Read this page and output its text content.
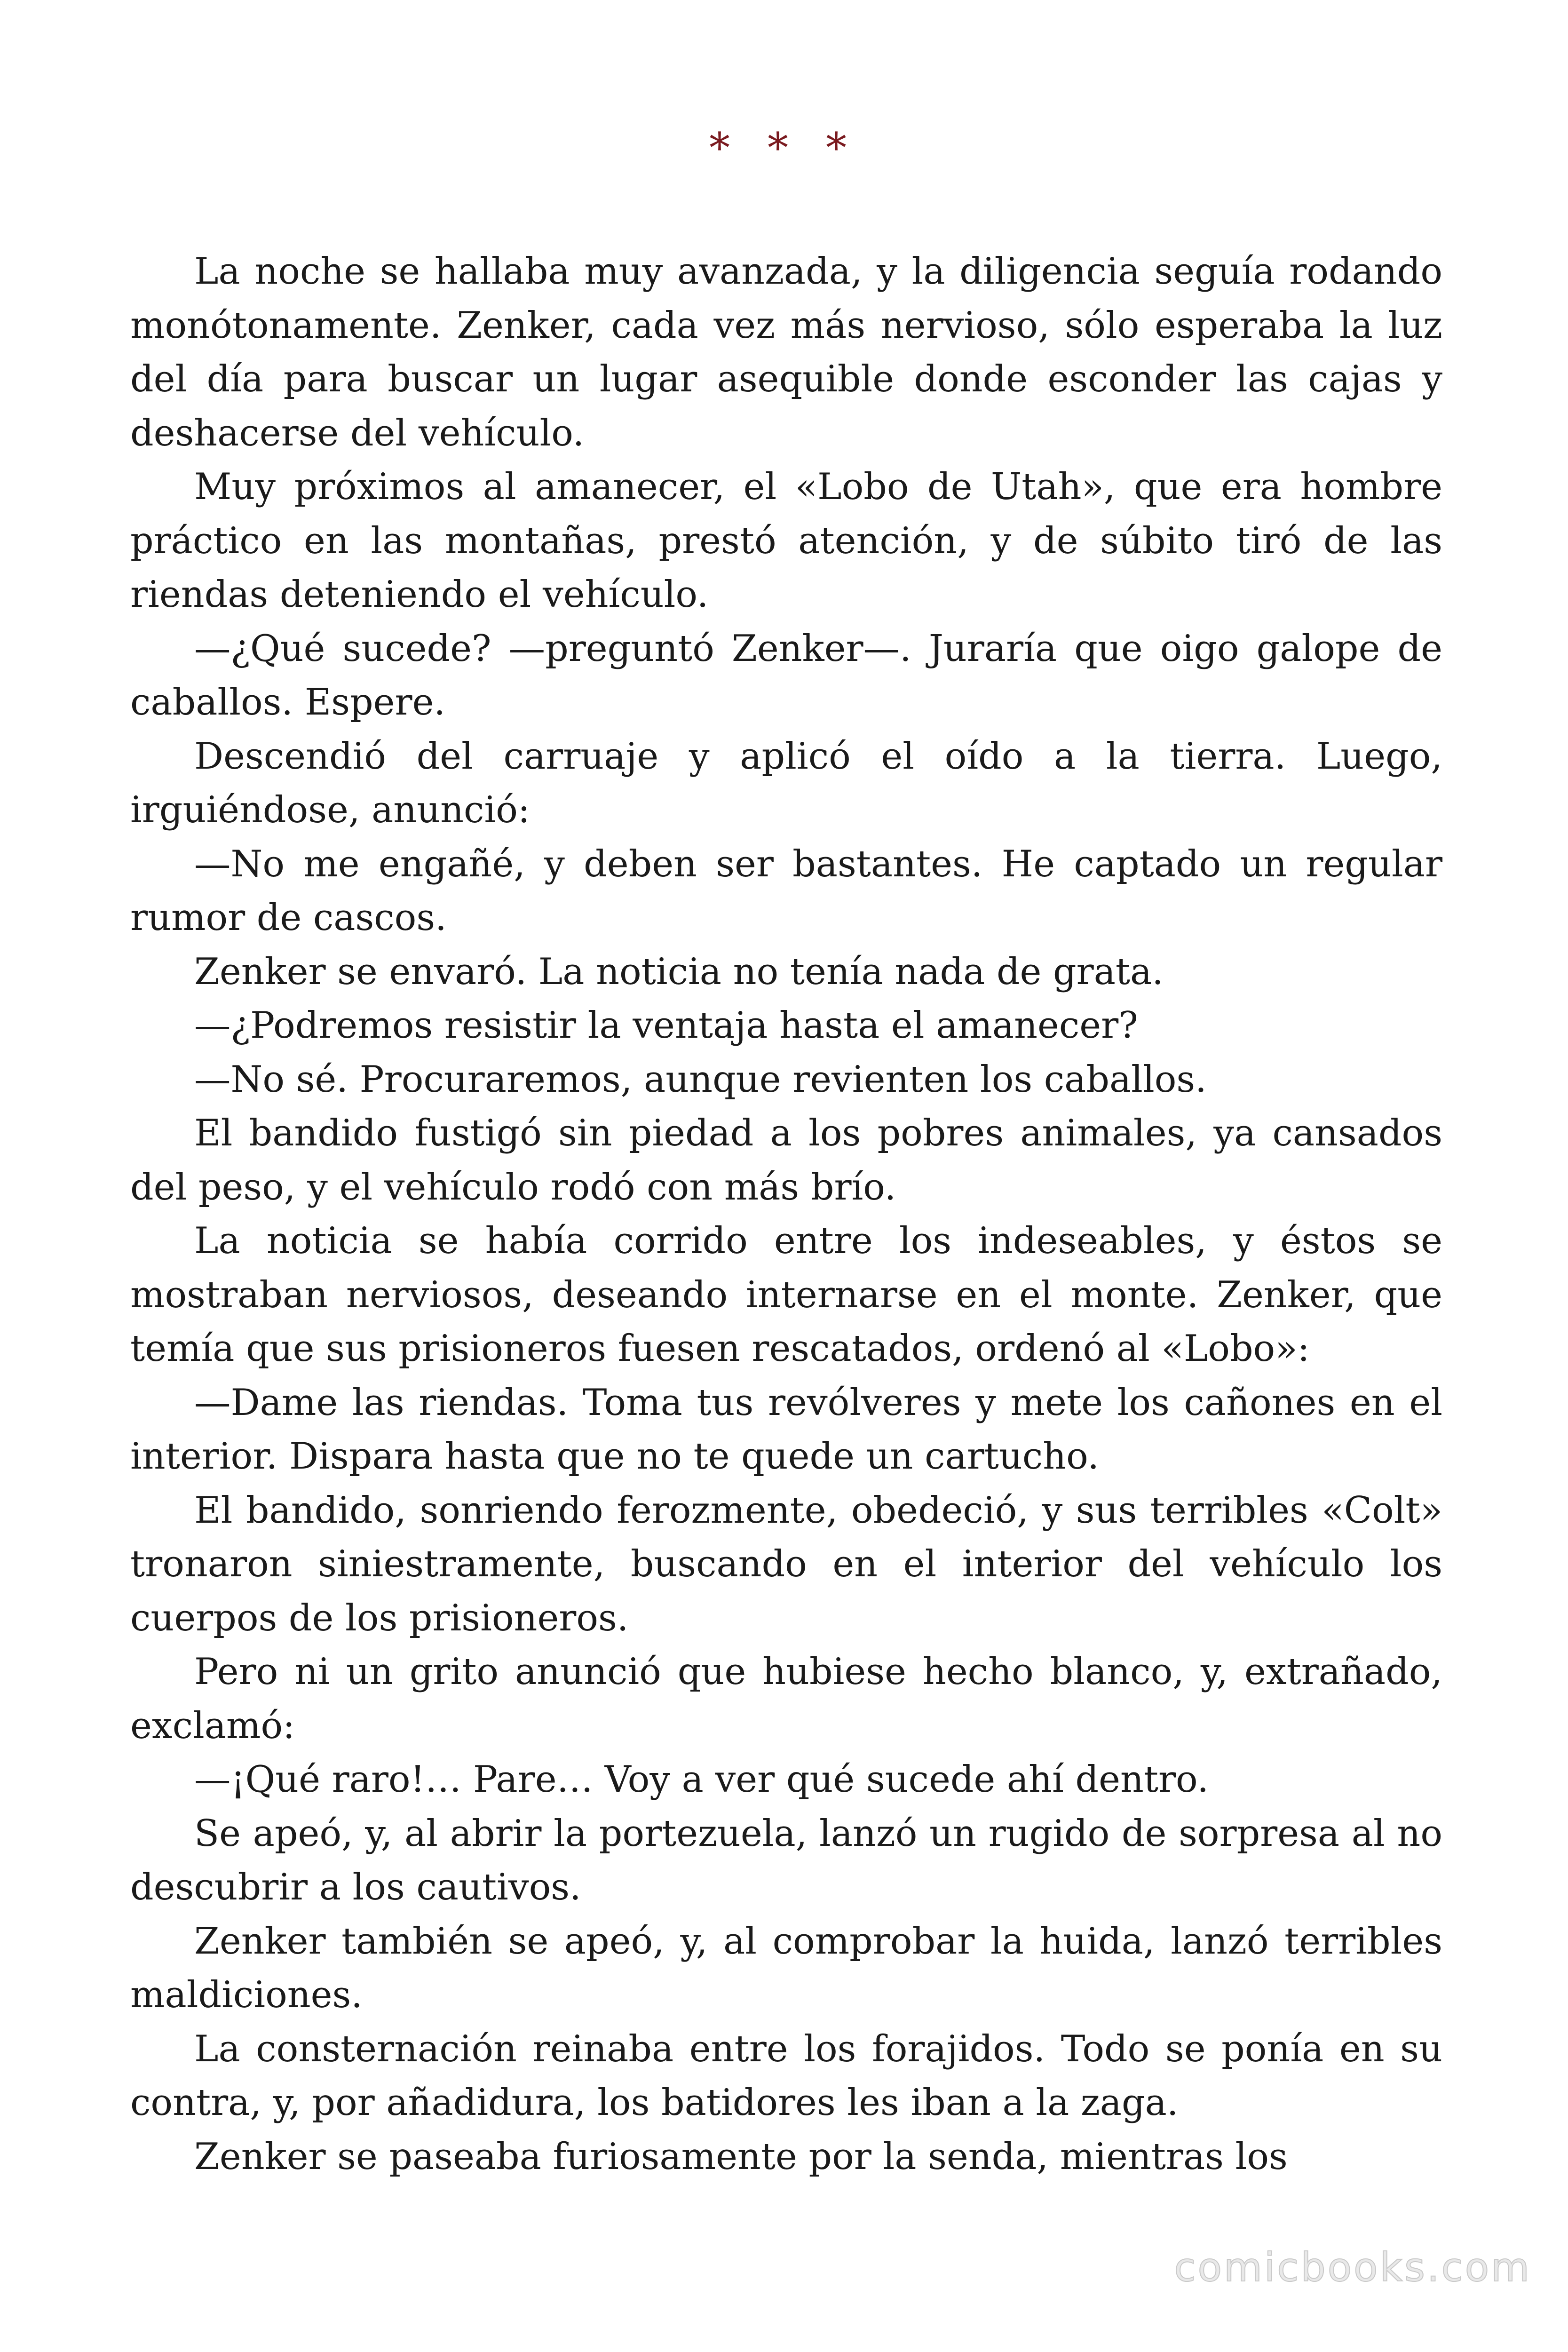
* * *

La noche se hallaba muy avanzada, y la diligencia seguía rodando monótonamente. Zenker, cada vez más nervioso, sólo esperaba la luz del día para buscar un lugar asequible donde esconder las cajas y deshacerse del vehículo.

Muy próximos al amanecer, el «Lobo de Utah», que era hombre práctico en las montañas, prestó atención, y de súbito tiró de las riendas deteniendo el vehículo.

—¿Qué sucede? —preguntó Zenker—. Juraría que oigo galope de caballos. Espere.

Descendió del carruaje y aplicó el oído a la tierra. Luego, irguiéndose, anunció:

—No me engañé, y deben ser bastantes. He captado un regular rumor de cascos.

Zenker se envaró. La noticia no tenía nada de grata.

—¿Podremos resistir la ventaja hasta el amanecer?

—No sé. Procuraremos, aunque revienten los caballos.

El bandido fustigó sin piedad a los pobres animales, ya cansados del peso, y el vehículo rodó con más brío.

La noticia se había corrido entre los indeseables, y éstos se mostraban nerviosos, deseando internarse en el monte. Zenker, que temía que sus prisioneros fuesen rescatados, ordenó al «Lobo»:

—Dame las riendas. Toma tus revólveres y mete los cañones en el interior. Dispara hasta que no te quede un cartucho.

El bandido, sonriendo ferozmente, obedeció, y sus terribles «Colt» tronaron siniestramente, buscando en el interior del vehículo los cuerpos de los prisioneros.

Pero ni un grito anunció que hubiese hecho blanco, y, extrañado, exclamó:

—¡Qué raro!… Pare… Voy a ver qué sucede ahí dentro.

Se apeó, y, al abrir la portezuela, lanzó un rugido de sorpresa al no descubrir a los cautivos.

Zenker también se apeó, y, al comprobar la huida, lanzó terribles maldiciones.

La consternación reinaba entre los forajidos. Todo se ponía en su contra, y, por añadidura, los batidores les iban a la zaga.

Zenker se paseaba furiosamente por la senda, mientras los

comicbooks.com
